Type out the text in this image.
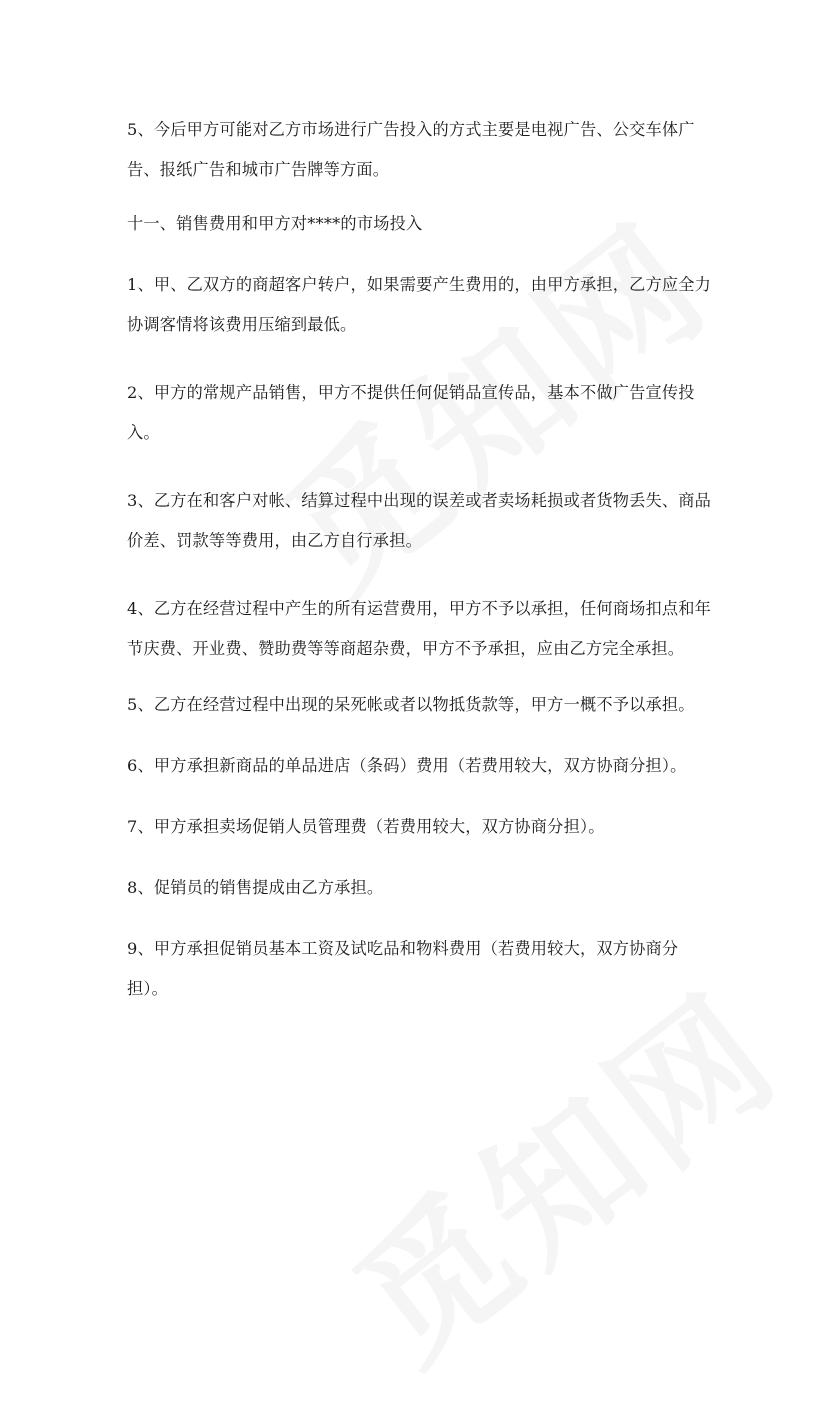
5、今后甲方可能对乙方市场进行广告投入的方式主要是电视广告、公交车体广告、报纸广告和城市广告牌等方面。

十一、销售费用和甲方对****的市场投入

1、甲、乙双方的商超客户转户，如果需要产生费用的，由甲方承担，乙方应全力协调客情将该费用压缩到最低。

2、甲方的常规产品销售，甲方不提供任何促销品宣传品，基本不做广告宣传投入。

3、乙方在和客户对帐、结算过程中出现的误差或者卖场耗损或者货物丢失、商品价差、罚款等等费用，由乙方自行承担。

4、乙方在经营过程中产生的所有运营费用，甲方不予以承担，任何商场扣点和年节庆费、开业费、赞助费等等商超杂费，甲方不予承担，应由乙方完全承担。

5、乙方在经营过程中出现的呆死帐或者以物抵货款等，甲方一概不予以承担。

6、甲方承担新商品的单品进店（条码）费用（若费用较大，双方协商分担）。

7、甲方承担卖场促销人员管理费（若费用较大，双方协商分担）。

8、促销员的销售提成由乙方承担。

9、甲方承担促销员基本工资及试吃品和物料费用（若费用较大，双方协商分担）。
